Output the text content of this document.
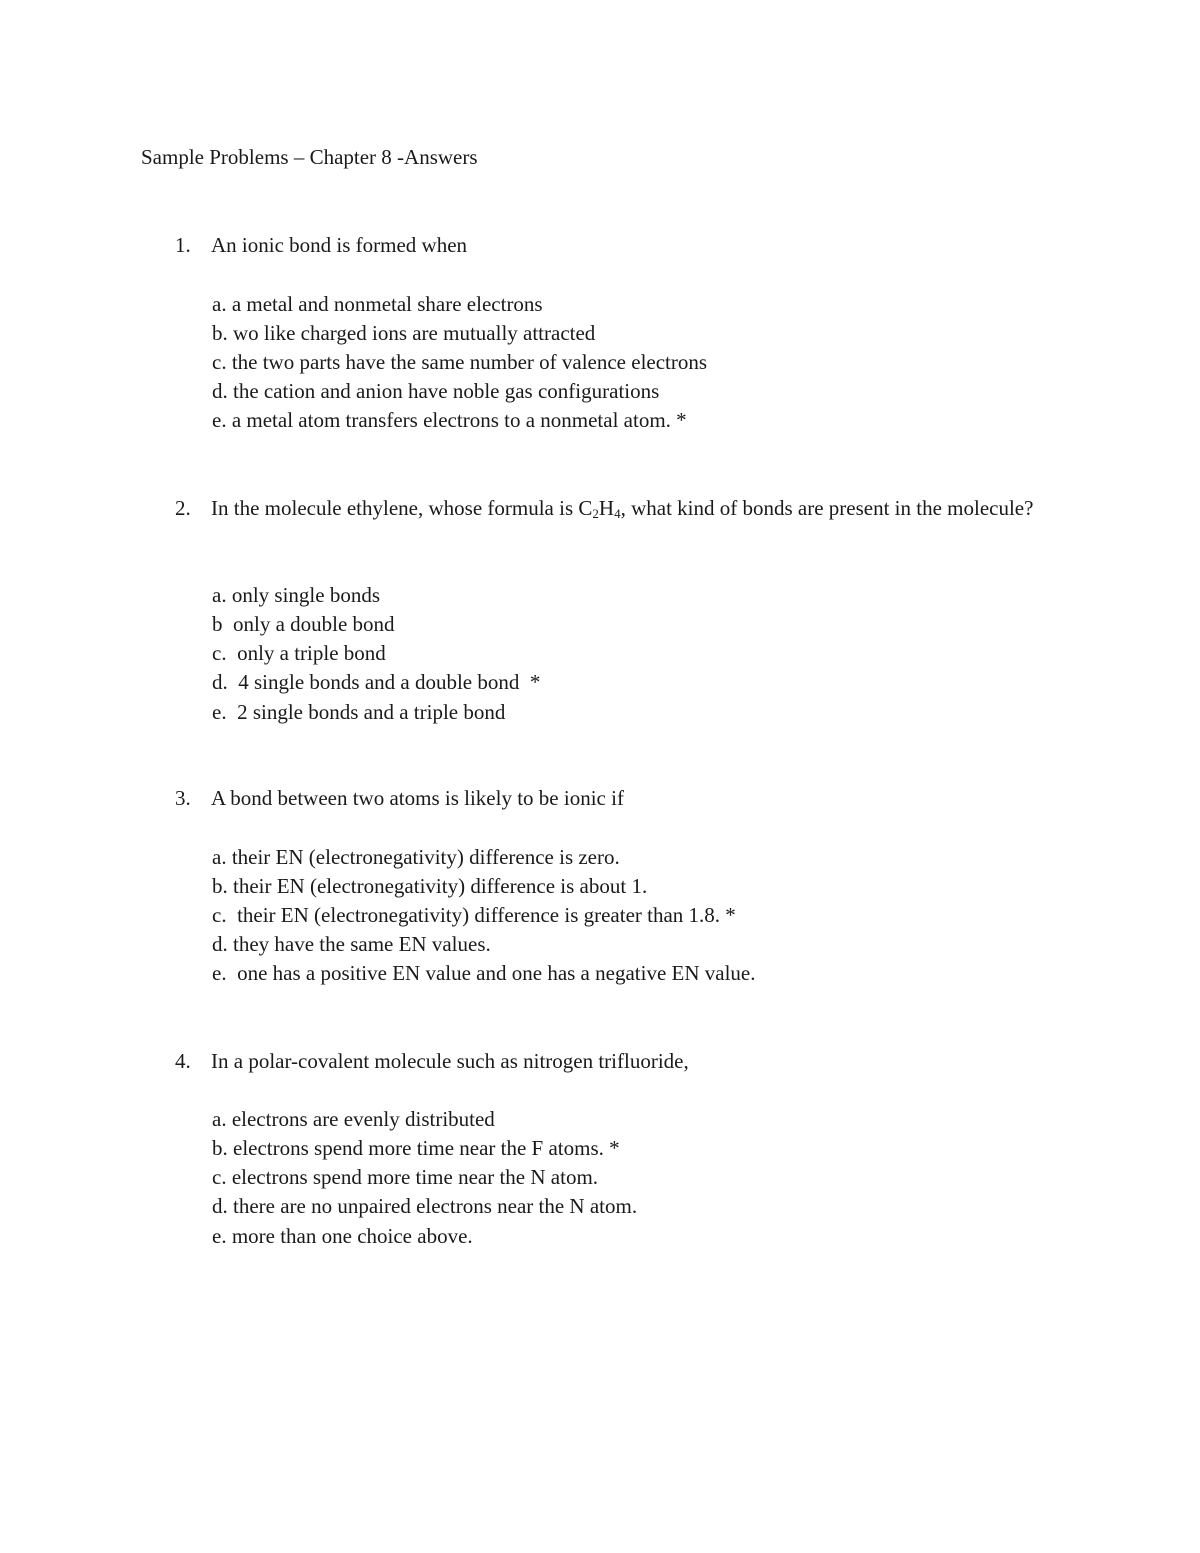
Sample Problems – Chapter 8 -Answers
1. An ionic bond is formed when
a. a metal and nonmetal share electrons
b. wo like charged ions are mutually attracted
c. the two parts have the same number of valence electrons
d. the cation and anion have noble gas configurations
e. a metal atom transfers electrons to a nonmetal atom. *
2. In the molecule ethylene, whose formula is $C_2H_4$, what kind of bonds are present in the molecule?
a. only single bonds
b  only a double bond
c.  only a triple bond
d.  4 single bonds and a double bond  *
e.  2 single bonds and a triple bond
3. A bond between two atoms is likely to be ionic if
a. their EN (electronegativity) difference is zero.
b. their EN (electronegativity) difference is about 1.
c.  their EN (electronegativity) difference is greater than 1.8. *
d. they have the same EN values.
e.  one has a positive EN value and one has a negative EN value.
4. In a polar-covalent molecule such as nitrogen trifluoride,
a. electrons are evenly distributed
b. electrons spend more time near the F atoms. *
c. electrons spend more time near the N atom.
d. there are no unpaired electrons near the N atom.
e. more than one choice above.
